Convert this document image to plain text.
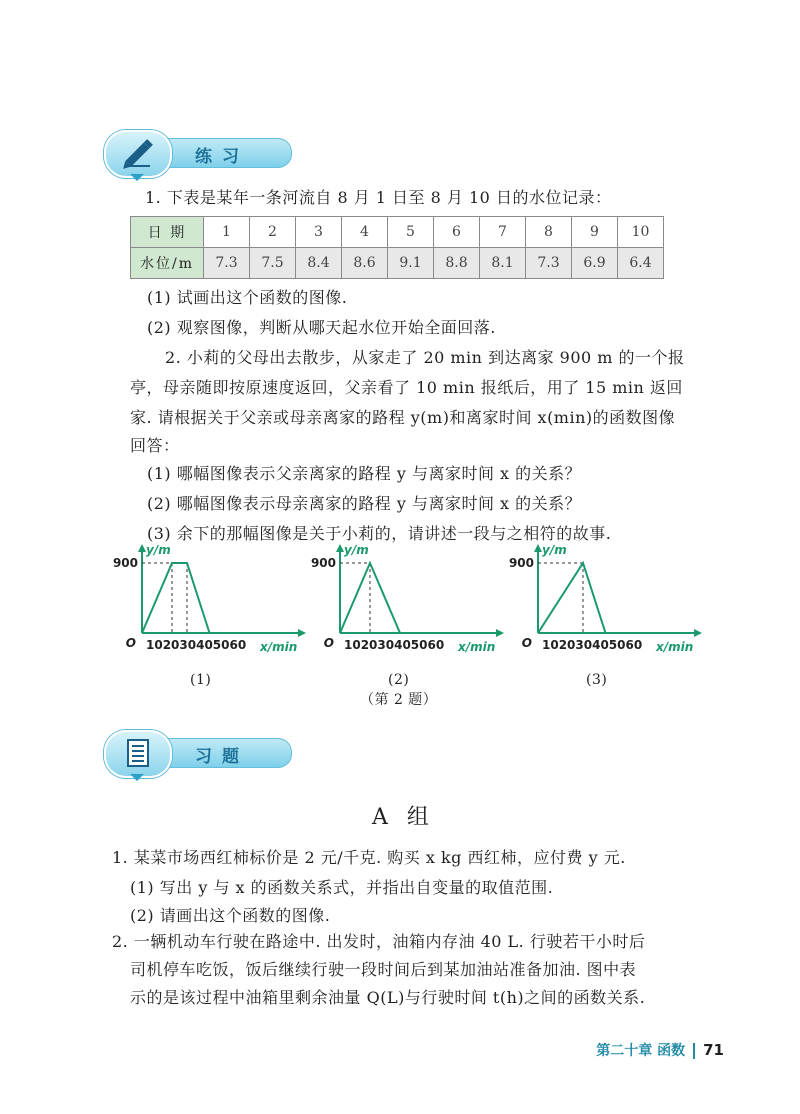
练习
1. 下表是某年一条河流自 8 月 1 日至 8 月 10 日的水位记录：
日 期	1	2	3	4	5	6	7	8	9	10
水位/m	7.3	7.5	8.4	8.6	9.1	8.8	8.1	7.3	6.9	6.4
(1) 试画出这个函数的图像.
(2) 观察图像，判断从哪天起水位开始全面回落.
2. 小莉的父母出去散步，从家走了 20 min 到达离家 900 m 的一个报
亭，母亲随即按原速度返回，父亲看了 10 min 报纸后，用了 15 min 返回
家. 请根据关于父亲或母亲离家的路程 y(m)和离家时间 x(min)的函数图像
回答：
(1) 哪幅图像表示父亲离家的路程 y 与离家时间 x 的关系？
(2) 哪幅图像表示母亲离家的路程 y 与离家时间 x 的关系？
(3) 余下的那幅图像是关于小莉的，请讲述一段与之相符的故事.
y/m
900
O 102030405060 x/min
y/m
900
O 102030405060 x/min
y/m
900
O 102030405060 x/min
(1)	(2)	(3)
（第 2 题）
习题
A 组
1. 某菜市场西红柿标价是 2 元/千克. 购买 x kg 西红柿，应付费 y 元.
(1) 写出 y 与 x 的函数关系式，并指出自变量的取值范围.
(2) 请画出这个函数的图像.
2. 一辆机动车行驶在路途中. 出发时，油箱内存油 40 L. 行驶若干小时后
司机停车吃饭，饭后继续行驶一段时间后到某加油站准备加油. 图中表
示的是该过程中油箱里剩余油量 Q(L)与行驶时间 t(h)之间的函数关系.
第二十章 函数 71
